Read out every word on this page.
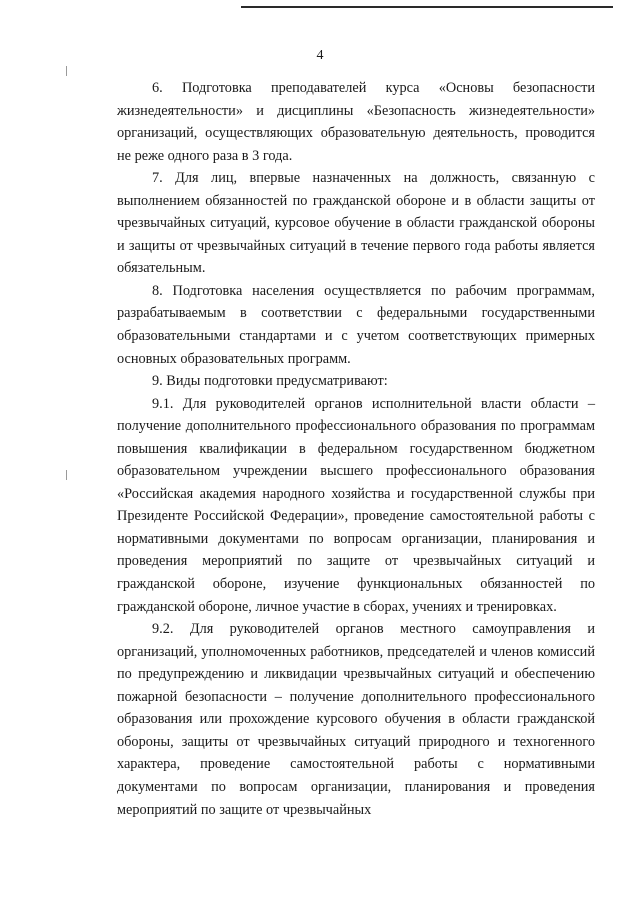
4

6. Подготовка преподавателей курса «Основы безопасности жизнедеятельности» и дисциплины «Безопасность жизнедеятельности» организаций, осуществляющих образовательную деятельность, проводится не реже одного раза в 3 года.

7. Для лиц, впервые назначенных на должность, связанную с выполнением обязанностей по гражданской обороне и в области защиты от чрезвычайных ситуаций, курсовое обучение в области гражданской обороны и защиты от чрезвычайных ситуаций в течение первого года работы является обязательным.

8. Подготовка населения осуществляется по рабочим программам, разрабатываемым в соответствии с федеральными государственными образовательными стандартами и с учетом соответствующих примерных основных образовательных программ.

9. Виды подготовки предусматривают:

9.1. Для руководителей органов исполнительной власти области – получение дополнительного профессионального образования по программам повышения квалификации в федеральном государственном бюджетном образовательном учреждении высшего профессионального образования «Российская академия народного хозяйства и государственной службы при Президенте Российской Федерации», проведение самостоятельной работы с нормативными документами по вопросам организации, планирования и проведения мероприятий по защите от чрезвычайных ситуаций и гражданской обороне, изучение функциональных обязанностей по гражданской обороне, личное участие в сборах, учениях и тренировках.

9.2. Для руководителей органов местного самоуправления и организаций, уполномоченных работников, председателей и членов комиссий по предупреждению и ликвидации чрезвычайных ситуаций и обеспечению пожарной безопасности – получение дополнительного профессионального образования или прохождение курсового обучения в области гражданской обороны, защиты от чрезвычайных ситуаций природного и техногенного характера, проведение самостоятельной работы с нормативными документами по вопросам организации, планирования и проведения мероприятий по защите от чрезвычайных
